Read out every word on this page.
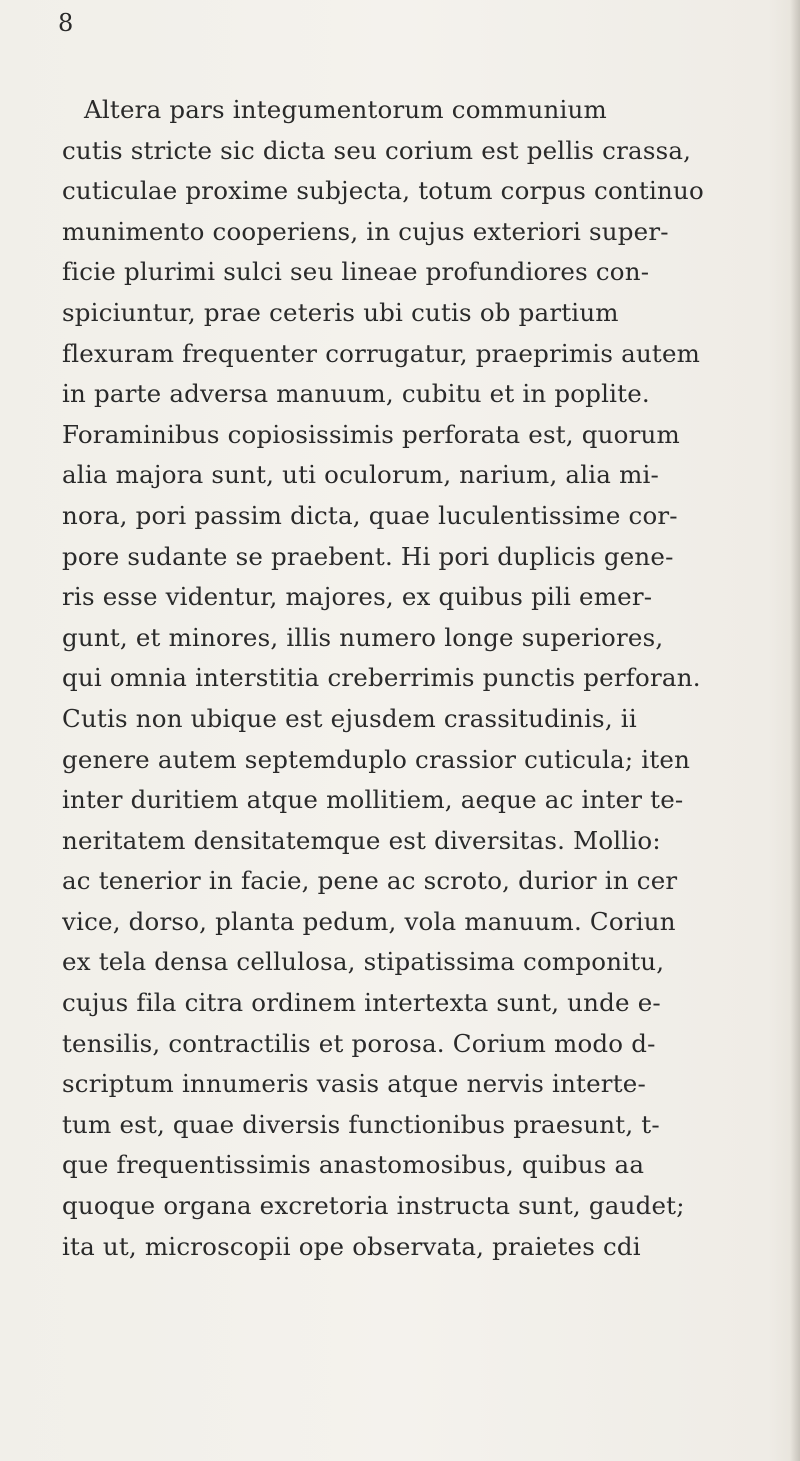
8
Altera pars integumentorum communium
cutis stricte sic dicta seu corium est pellis crassa,
cuticulae proxime subjecta, totum corpus continuo
munimento cooperiens, in cujus exteriori super-
ficie plurimi sulci seu lineae profundiores con-
spiciuntur, prae ceteris ubi cutis ob partium
flexuram frequenter corrugatur, praeprimis autem
in parte adversa manuum, cubitu et in poplite.
Foraminibus copiosissimis perforata est, quorum
alia majora sunt, uti oculorum, narium, alia mi-
nora, pori passim dicta, quae luculentissime cor-
pore sudante se praebent. Hi pori duplicis gene-
ris esse videntur, majores, ex quibus pili emer-
gunt, et minores, illis numero longe superiores,
qui omnia interstitia creberrimis punctis perforan.
Cutis non ubique est ejusdem crassitudinis, ii
genere autem septemduplo crassior cuticula; iten
inter duritiem atque mollitiem, aeque ac inter te-
neritatem densitatemque est diversitas. Mollio:
ac tenerior in facie, pene ac scroto, durior in cer
vice, dorso, planta pedum, vola manuum. Coriun
ex tela densa cellulosa, stipatissima componitu,
cujus fila citra ordinem intertexta sunt, unde e-
tensilis, contractilis et porosa. Corium modo d-
scriptum innumeris vasis atque nervis interte-
tum est, quae diversis functionibus praesunt, t-
que frequentissimis anastomosibus, quibus aa
quoque organa excretoria instructa sunt, gaudet;
ita ut, microscopii ope observata, praietes cdi
